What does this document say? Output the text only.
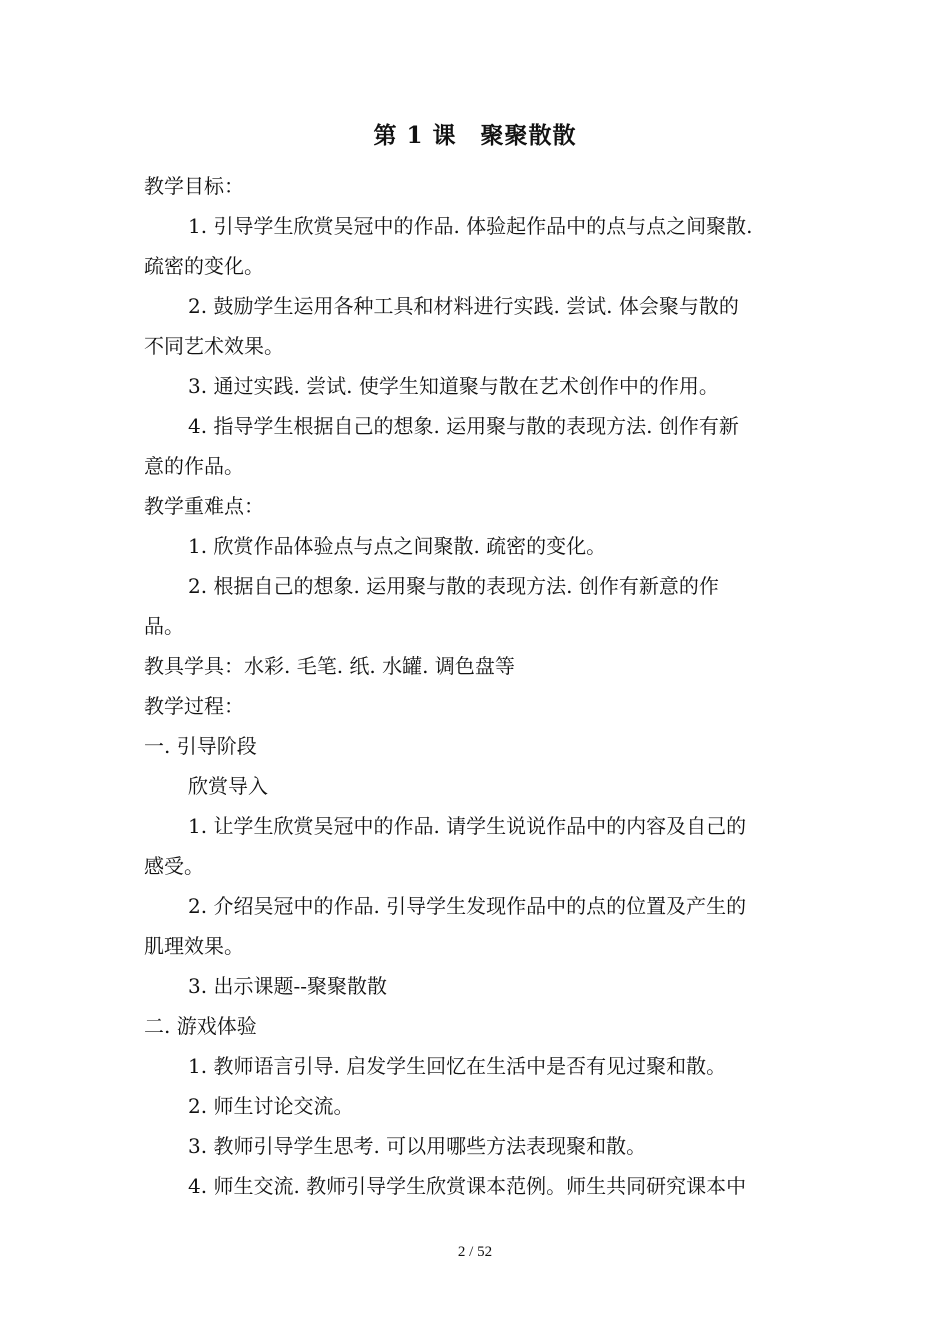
第 1 课　聚聚散散
教学目标：
1. 引导学生欣赏吴冠中的作品. 体验起作品中的点与点之间聚散.
疏密的变化。
2. 鼓励学生运用各种工具和材料进行实践. 尝试. 体会聚与散的
不同艺术效果。
3. 通过实践. 尝试. 使学生知道聚与散在艺术创作中的作用。
4. 指导学生根据自己的想象. 运用聚与散的表现方法. 创作有新
意的作品。
教学重难点：
1. 欣赏作品体验点与点之间聚散. 疏密的变化。
2. 根据自己的想象. 运用聚与散的表现方法. 创作有新意的作
品。
教具学具：水彩. 毛笔. 纸. 水罐. 调色盘等
教学过程：
一. 引导阶段
欣赏导入
1. 让学生欣赏吴冠中的作品. 请学生说说作品中的内容及自己的
感受。
2. 介绍吴冠中的作品. 引导学生发现作品中的点的位置及产生的
肌理效果。
3. 出示课题--聚聚散散
二. 游戏体验
1. 教师语言引导. 启发学生回忆在生活中是否有见过聚和散。
2. 师生讨论交流。
3. 教师引导学生思考. 可以用哪些方法表现聚和散。
4. 师生交流. 教师引导学生欣赏课本范例。师生共同研究课本中
2 / 52
